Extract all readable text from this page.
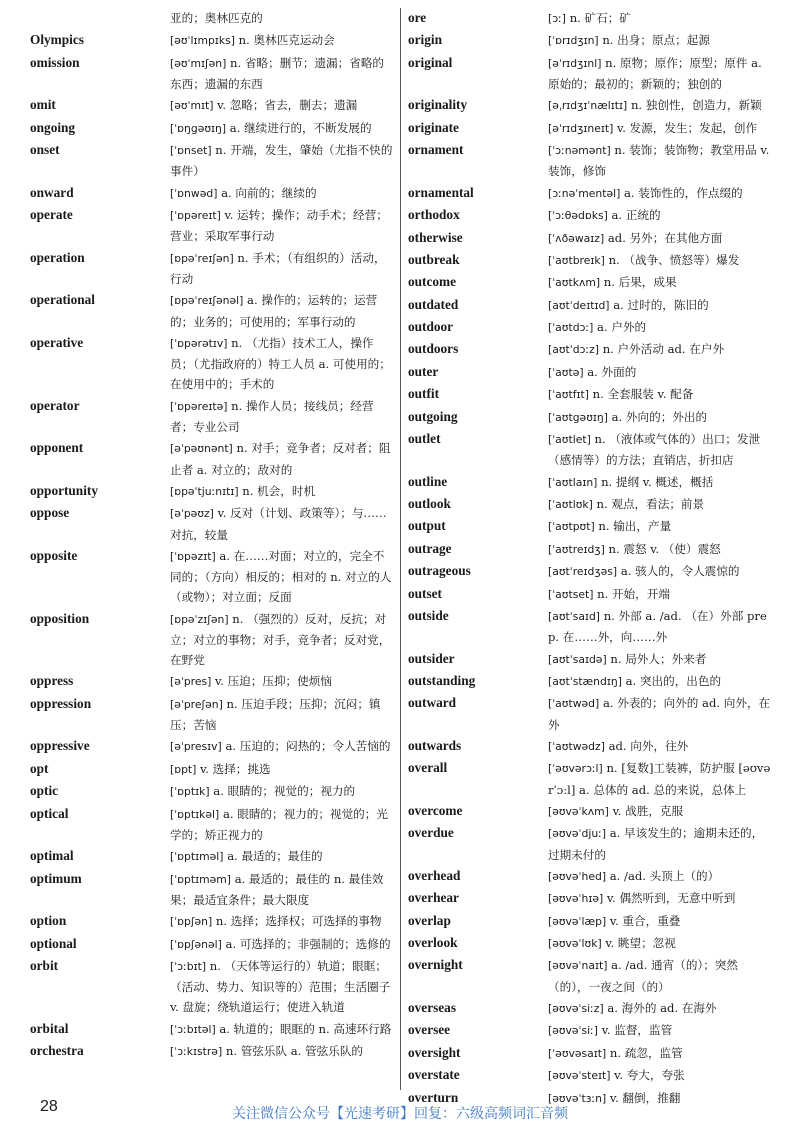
亚的；奥林匹克的
Olympics	[əʊˈlɪmpɪks] n. 奥林匹克运动会
omission	[əʊˈmɪʃən] n. 省略；删节；遗漏；省略的东西；遗漏的东西
omit	[əʊˈmɪt] v. 忽略；省去，删去；遗漏
ongoing	[ˈɒŋgəʊɪŋ] a. 继续进行的，不断发展的
onset	[ˈɒnset] n. 开端，发生，肇始（尤指不快的事件）
onward	[ˈɒnwəd] a. 向前的；继续的
operate	[ˈɒpəreɪt] v. 运转；操作；动手术；经营；营业；采取军事行动
operation	[ɒpəˈreɪʃən] n. 手术；（有组织的）活动，行动
operational	[ɒpəˈreɪʃənəl] a. 操作的；运转的；运营的；业务的；可使用的；军事行动的
operative	[ˈɒpərətɪv] n. （尤指）技术工人，操作员；（尤指政府的）特工人员 a. 可使用的；在使用中的；手术的
operator	[ˈɒpəreɪtə] n. 操作人员；接线员；经营者；专业公司
opponent	[əˈpəʊnənt] n. 对手；竞争者；反对者；阻止者 a. 对立的；敌对的
opportunity	[ɒpəˈtjuːnɪtɪ] n. 机会，时机
oppose	[əˈpəʊz] v. 反对（计划、政策等）；与……对抗，较量
opposite	[ˈɒpəzɪt] a. 在……对面；对立的，完全不同的；（方向）相反的；相对的 n. 对立的人（或物）；对立面；反面
opposition	[ɒpəˈzɪʃən] n. （强烈的）反对，反抗；对立；对立的事物；对手，竞争者；反对党，在野党
oppress	[əˈpres] v. 压迫；压抑；使烦恼
oppression	[əˈpreʃən] n. 压迫手段；压抑；沉闷；镇压；苦恼
oppressive	[əˈpresɪv] a. 压迫的；闷热的；令人苦恼的
opt	[ɒpt] v. 选择；挑选
optic	[ˈɒptɪk] a. 眼睛的；视觉的；视力的
optical	[ˈɒptɪkəl] a. 眼睛的；视力的；视觉的；光学的；矫正视力的
optimal	[ˈɒptɪməl] a. 最适的；最佳的
optimum	[ˈɒptɪməm] a. 最适的；最佳的 n. 最佳效果；最适宜条件；最大限度
option	[ˈɒpʃən] n. 选择；选择权；可选择的事物
optional	[ˈɒpʃənəl] a. 可选择的；非强制的；选修的
orbit	[ˈɔːbɪt] n. （天体等运行的）轨道；眼眶；（活动、势力、知识等的）范围；生活圈子 v. 盘旋；绕轨道运行；使进入轨道
orbital	[ˈɔːbɪtəl] a. 轨道的；眼眶的 n. 高速环行路
orchestra	[ˈɔːkɪstrə] n. 管弦乐队 a. 管弦乐队的
ore	[ɔː] n. 矿石；矿
origin	[ˈɒrɪdʒɪn] n. 出身；原点；起源
original	[əˈrɪdʒɪnl] n. 原物；原作；原型；原件 a. 原始的；最初的；新颖的；独创的
originality	[əˌrɪdʒɪˈnælɪtɪ] n. 独创性，创造力，新颖
originate	[əˈrɪdʒɪneɪt] v. 发源，发生；发起，创作
ornament	[ˈɔːnəmənt] n. 装饰；装饰物；教堂用品 v. 装饰，修饰
ornamental	[ɔːnəˈmentəl] a. 装饰性的，作点缀的
orthodox	[ˈɔːθədɒks] a. 正统的
otherwise	[ˈʌðəwaɪz] ad. 另外；在其他方面
outbreak	[ˈaʊtbreɪk] n. （战争、愤怒等）爆发
outcome	[ˈaʊtkʌm] n. 后果，成果
outdated	[aʊtˈdeɪtɪd] a. 过时的，陈旧的
outdoor	[ˈaʊtdɔː] a. 户外的
outdoors	[aʊtˈdɔːz] n. 户外活动 ad. 在户外
outer	[ˈaʊtə] a. 外面的
outfit	[ˈaʊtfɪt] n. 全套服装 v. 配备
outgoing	[ˈaʊtgəʊɪŋ] a. 外向的；外出的
outlet	[ˈaʊtlet] n. （液体或气体的）出口；发泄（感情等）的方法；直销店，折扣店
outline	[ˈaʊtlaɪn] n. 提纲 v. 概述，概括
outlook	[ˈaʊtlʊk] n. 观点，看法；前景
output	[ˈaʊtpʊt] n. 输出，产量
outrage	[ˈaʊtreɪdʒ] n. 震怒 v. （使）震怒
outrageous	[aʊtˈreɪdʒəs] a. 骇人的，令人震惊的
outset	[ˈaʊtset] n. 开始，开端
outside	[aʊtˈsaɪd] n. 外部 a. /ad. （在）外部 prep. 在……外，向……外
outsider	[aʊtˈsaɪdə] n. 局外人；外来者
outstanding	[aʊtˈstændɪŋ] a. 突出的，出色的
outward	[ˈaʊtwəd] a. 外表的；向外的 ad. 向外，在外
outwards	[ˈaʊtwədz] ad. 向外，往外
overall	[ˈəʊvərɔːl] n. [复数]工装裤，防护服 [əʊvərˈɔːl] a. 总体的 ad. 总的来说，总体上
overcome	[əʊvəˈkʌm] v. 战胜，克服
overdue	[əʊvəˈdjuː] a. 早该发生的；逾期未还的，过期未付的
overhead	[əʊvəˈhed] a. /ad. 头顶上（的）
overhear	[əʊvəˈhɪə] v. 偶然听到，无意中听到
overlap	[əʊvəˈlæp] v. 重合，重叠
overlook	[əʊvəˈlʊk] v. 眺望；忽视
overnight	[əʊvəˈnaɪt] a. /ad. 通宵（的）；突然（的），一夜之间（的）
overseas	[əʊvəˈsiːz] a. 海外的 ad. 在海外
oversee	[əʊvəˈsiː] v. 监督，监管
oversight	[ˈəʊvəsaɪt] n. 疏忽，监管
overstate	[əʊvəˈsteɪt] v. 夸大，夸张
overturn	[əʊvəˈtɜːn] v. 翻倒，推翻
28	关注微信公众号【光速考研】回复：六级高频词汇音频
